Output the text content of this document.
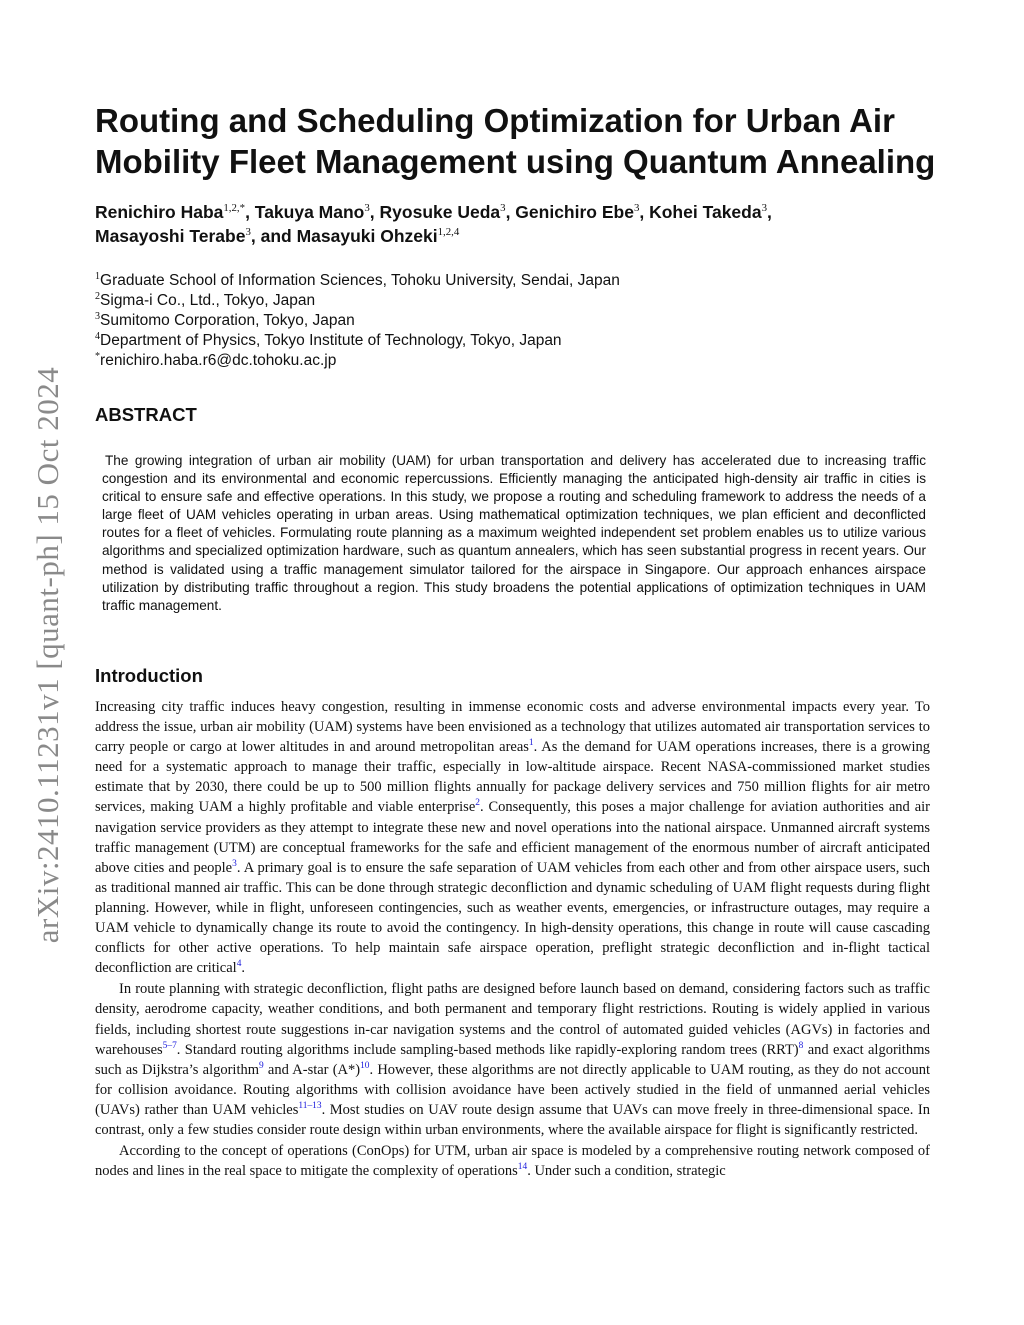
arXiv:2410.11231v1 [quant-ph] 15 Oct 2024
Routing and Scheduling Optimization for Urban Air Mobility Fleet Management using Quantum Annealing
Renichiro Haba$^{1,2,*}$, Takuya Mano$^3$, Ryosuke Ueda$^3$, Genichiro Ebe$^3$, Kohei Takeda$^3$,
Masayoshi Terabe$^3$, and Masayuki Ohzeki$^{1,2,4}$
$^1$Graduate School of Information Sciences, Tohoku University, Sendai, Japan
$^2$Sigma-i Co., Ltd., Tokyo, Japan
$^3$Sumitomo Corporation, Tokyo, Japan
$^4$Department of Physics, Tokyo Institute of Technology, Tokyo, Japan
*renichiro.haba.r6@dc.tohoku.ac.jp
ABSTRACT

The growing integration of urban air mobility (UAM) for urban transportation and delivery has accelerated due to increasing traffic congestion and its environmental and economic repercussions. Efficiently managing the anticipated high-density air traffic in cities is critical to ensure safe and effective operations. In this study, we propose a routing and scheduling framework to address the needs of a large fleet of UAM vehicles operating in urban areas. Using mathematical optimization techniques, we plan efficient and deconflicted routes for a fleet of vehicles. Formulating route planning as a maximum weighted independent set problem enables us to utilize various algorithms and specialized optimization hardware, such as quantum annealers, which has seen substantial progress in recent years. Our method is validated using a traffic management simulator tailored for the airspace in Singapore. Our approach enhances airspace utilization by distributing traffic throughout a region. This study broadens the potential applications of optimization techniques in UAM traffic management.

Introduction

Increasing city traffic induces heavy congestion, resulting in immense economic costs and adverse environmental impacts every year. To address the issue, urban air mobility (UAM) systems have been envisioned as a technology that utilizes automated air transportation services to carry people or cargo at lower altitudes in and around metropolitan areas$^1$. As the demand for UAM operations increases, there is a growing need for a systematic approach to manage their traffic, especially in low-altitude airspace. Recent NASA-commissioned market studies estimate that by 2030, there could be up to 500 million flights annually for package delivery services and 750 million flights for air metro services, making UAM a highly profitable and viable enterprise$^2$. Consequently, this poses a major challenge for aviation authorities and air navigation service providers as they attempt to integrate these new and novel operations into the national airspace. Unmanned aircraft systems traffic management (UTM) are conceptual frameworks for the safe and efficient management of the enormous number of aircraft anticipated above cities and people$^3$. A primary goal is to ensure the safe separation of UAM vehicles from each other and from other airspace users, such as traditional manned air traffic. This can be done through strategic deconfliction and dynamic scheduling of UAM flight requests during flight planning. However, while in flight, unforeseen contingencies, such as weather events, emergencies, or infrastructure outages, may require a UAM vehicle to dynamically change its route to avoid the contingency. In high-density operations, this change in route will cause cascading conflicts for other active operations. To help maintain safe airspace operation, preflight strategic deconfliction and in-flight tactical deconfliction are critical$^4$.

In route planning with strategic deconfliction, flight paths are designed before launch based on demand, considering factors such as traffic density, aerodrome capacity, weather conditions, and both permanent and temporary flight restrictions. Routing is widely applied in various fields, including shortest route suggestions in-car navigation systems and the control of automated guided vehicles (AGVs) in factories and warehouses$^{5-7}$. Standard routing algorithms include sampling-based methods like rapidly-exploring random trees (RRT)$^8$ and exact algorithms such as Dijkstra’s algorithm$^9$ and A-star (A*)$^{10}$. However, these algorithms are not directly applicable to UAM routing, as they do not account for collision avoidance. Routing algorithms with collision avoidance have been actively studied in the field of unmanned aerial vehicles (UAVs) rather than UAM vehicles$^{11-13}$. Most studies on UAV route design assume that UAVs can move freely in three-dimensional space. In contrast, only a few studies consider route design within urban environments, where the available airspace for flight is significantly restricted.

According to the concept of operations (ConOps) for UTM, urban air space is modeled by a comprehensive routing network composed of nodes and lines in the real space to mitigate the complexity of operations$^{14}$. Under such a condition, strategic
